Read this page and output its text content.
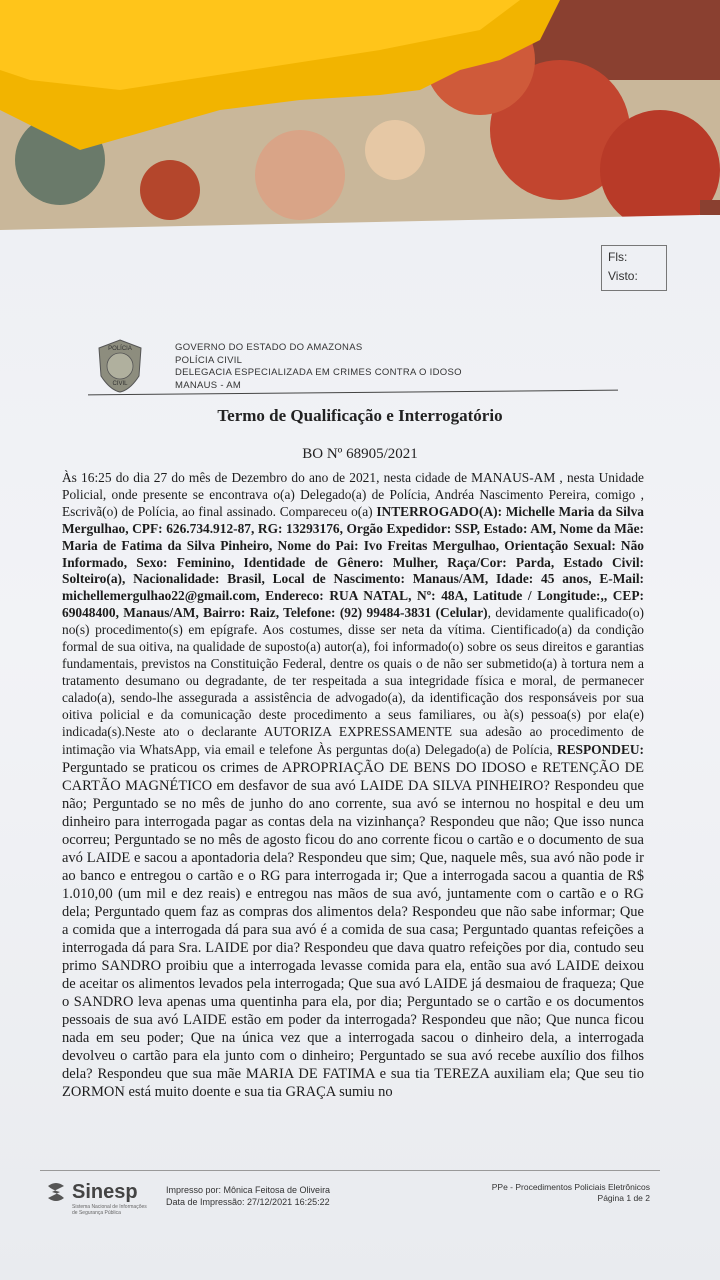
Fls:
Visto:
POLÍCIA
CIVIL
GOVERNO DO ESTADO DO AMAZONAS
POLÍCIA CIVIL
DELEGACIA ESPECIALIZADA EM CRIMES CONTRA O IDOSO
MANAUS - AM
Termo de Qualificação e Interrogatório
BO Nº 68905/2021

Às 16:25 do dia 27 do mês de Dezembro do ano de 2021, nesta cidade de MANAUS-AM , nesta Unidade Policial, onde presente se encontrava o(a) Delegado(a) de Polícia, Andréa Nascimento Pereira, comigo , Escrivã(o) de Polícia, ao final assinado. Compareceu o(a) INTERROGADO(A): Michelle Maria da Silva Mergulhao, CPF: 626.734.912-87, RG: 13293176, Orgão Expedidor: SSP, Estado: AM, Nome da Mãe: Maria de Fatima da Silva Pinheiro, Nome do Pai: Ivo Freitas Mergulhao, Orientação Sexual: Não Informado, Sexo: Feminino, Identidade de Gênero: Mulher, Raça/Cor: Parda, Estado Civil: Solteiro(a), Nacionalidade: Brasil, Local de Nascimento: Manaus/AM, Idade: 45 anos, E-Mail: michellemergulhao22@gmail.com, Endereco: RUA NATAL, Nº: 48A, Latitude / Longitude:,, CEP: 69048400, Manaus/AM, Bairro: Raiz, Telefone: (92) 99484-3831 (Celular), devidamente qualificado(o) no(s) procedimento(s) em epígrafe. Aos costumes, disse ser neta da vítima. Cientificado(a) da condição formal de sua oitiva, na qualidade de suposto(a) autor(a), foi informado(o) sobre os seus direitos e garantias fundamentais, previstos na Constituição Federal, dentre os quais o de não ser submetido(a) à tortura nem a tratamento desumano ou degradante, de ter respeitada a sua integridade física e moral, de permanecer calado(a), sendo-lhe assegurada a assistência de advogado(a), da identificação dos responsáveis por sua oitiva policial e da comunicação deste procedimento a seus familiares, ou à(s) pessoa(s) por ela(e) indicada(s).Neste ato o declarante AUTORIZA EXPRESSAMENTE sua adesão ao procedimento de intimação via WhatsApp, via email e telefone Às perguntas do(a) Delegado(a) de Polícia, RESPONDEU: Perguntado se praticou os crimes de APROPRIAÇÃO DE BENS DO IDOSO e RETENÇÃO DE CARTÃO MAGNÉTICO em desfavor de sua avó LAIDE DA SILVA PINHEIRO? Respondeu que não; Perguntado se no mês de junho do ano corrente, sua avó se internou no hospital e deu um dinheiro para interrogada pagar as contas dela na vizinhança? Respondeu que não; Que isso nunca ocorreu; Perguntado se no mês de agosto ficou do ano corrente ficou o cartão e o documento de sua avó LAIDE e sacou a apontadoria dela? Respondeu que sim; Que, naquele mês, sua avó não pode ir ao banco e entregou o cartão e o RG para interrogada ir; Que a interrogada sacou a quantia de R$ 1.010,00 (um mil e dez reais) e entregou nas mãos de sua avó, juntamente com o cartão e o RG dela; Perguntado quem faz as compras dos alimentos dela? Respondeu que não sabe informar; Que a comida que a interrogada dá para sua avó é a comida de sua casa; Perguntado quantas refeições a interrogada dá para Sra. LAIDE por dia? Respondeu que dava quatro refeições por dia, contudo seu primo SANDRO proibiu que a interrogada levasse comida para ela, então sua avó LAIDE deixou de aceitar os alimentos levados pela interrogada; Que sua avó LAIDE já desmaiou de fraqueza; Que o SANDRO leva apenas uma quentinha para ela, por dia; Perguntado se o cartão e os documentos pessoais de sua avó LAIDE estão em poder da interrogada? Respondeu que não; Que nunca ficou nada em seu poder; Que na única vez que a interrogada sacou o dinheiro dela, a interrogada devolveu o cartão para ela junto com o dinheiro; Perguntado se sua avó recebe auxílio dos filhos dela? Respondeu que sua mãe MARIA DE FATIMA e sua tia TEREZA auxiliam ela; Que seu tio ZORMON está muito doente e sua tia GRAÇA sumiu no

Sinesp
Sistema Nacional de Informações de Segurança Pública
Impresso por: Mônica Feitosa de Oliveira
Data de Impressão: 27/12/2021 16:25:22
PPe - Procedimentos Policiais Eletrônicos
Página 1 de 2
